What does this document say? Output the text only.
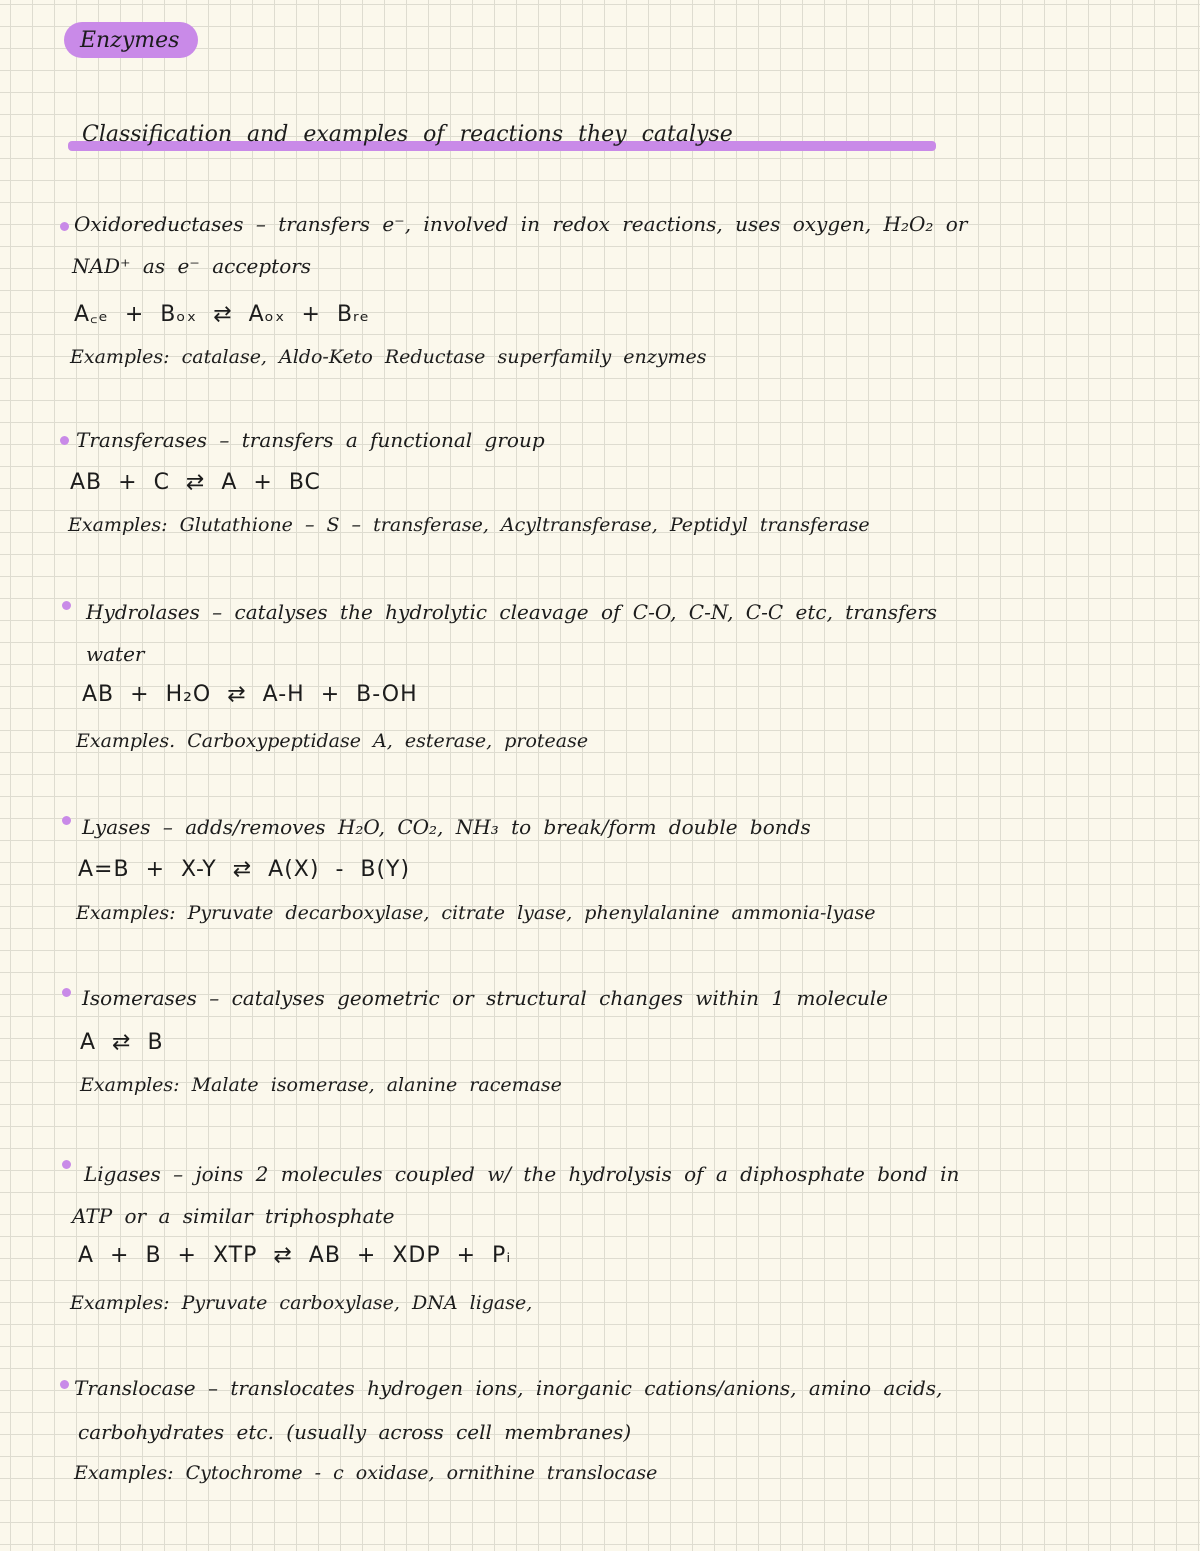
Enzymes
Classification and examples of reactions they catalyse
Oxidoreductases – transfers e⁻, involved in redox reactions, uses oxygen, H₂O₂ or
NAD⁺ as e⁻ acceptors
A꜀ₑ + Bₒₓ ⇄ Aₒₓ + Bᵣₑ
Examples: catalase, Aldo-Keto Reductase superfamily enzymes
Transferases – transfers a functional group
AB + C ⇄ A + BC
Examples: Glutathione – S – transferase, Acyltransferase, Peptidyl transferase
Hydrolases – catalyses the hydrolytic cleavage of C-O, C-N, C-C etc, transfers
water
AB + H₂O ⇄ A-H + B-OH
Examples. Carboxypeptidase A, esterase, protease
Lyases – adds/removes H₂O, CO₂, NH₃ to break/form double bonds
A=B + X-Y ⇄ A(X) - B(Y)
Examples: Pyruvate decarboxylase, citrate lyase, phenylalanine ammonia-lyase
Isomerases – catalyses geometric or structural changes within 1 molecule
A ⇄ B
Examples: Malate isomerase, alanine racemase
Ligases – joins 2 molecules coupled w/ the hydrolysis of a diphosphate bond in
ATP or a similar triphosphate
A + B + XTP ⇄ AB + XDP + Pᵢ
Examples: Pyruvate carboxylase, DNA ligase,
Translocase – translocates hydrogen ions, inorganic cations/anions, amino acids,
carbohydrates etc. (usually across cell membranes)
Examples: Cytochrome - c oxidase, ornithine translocase
